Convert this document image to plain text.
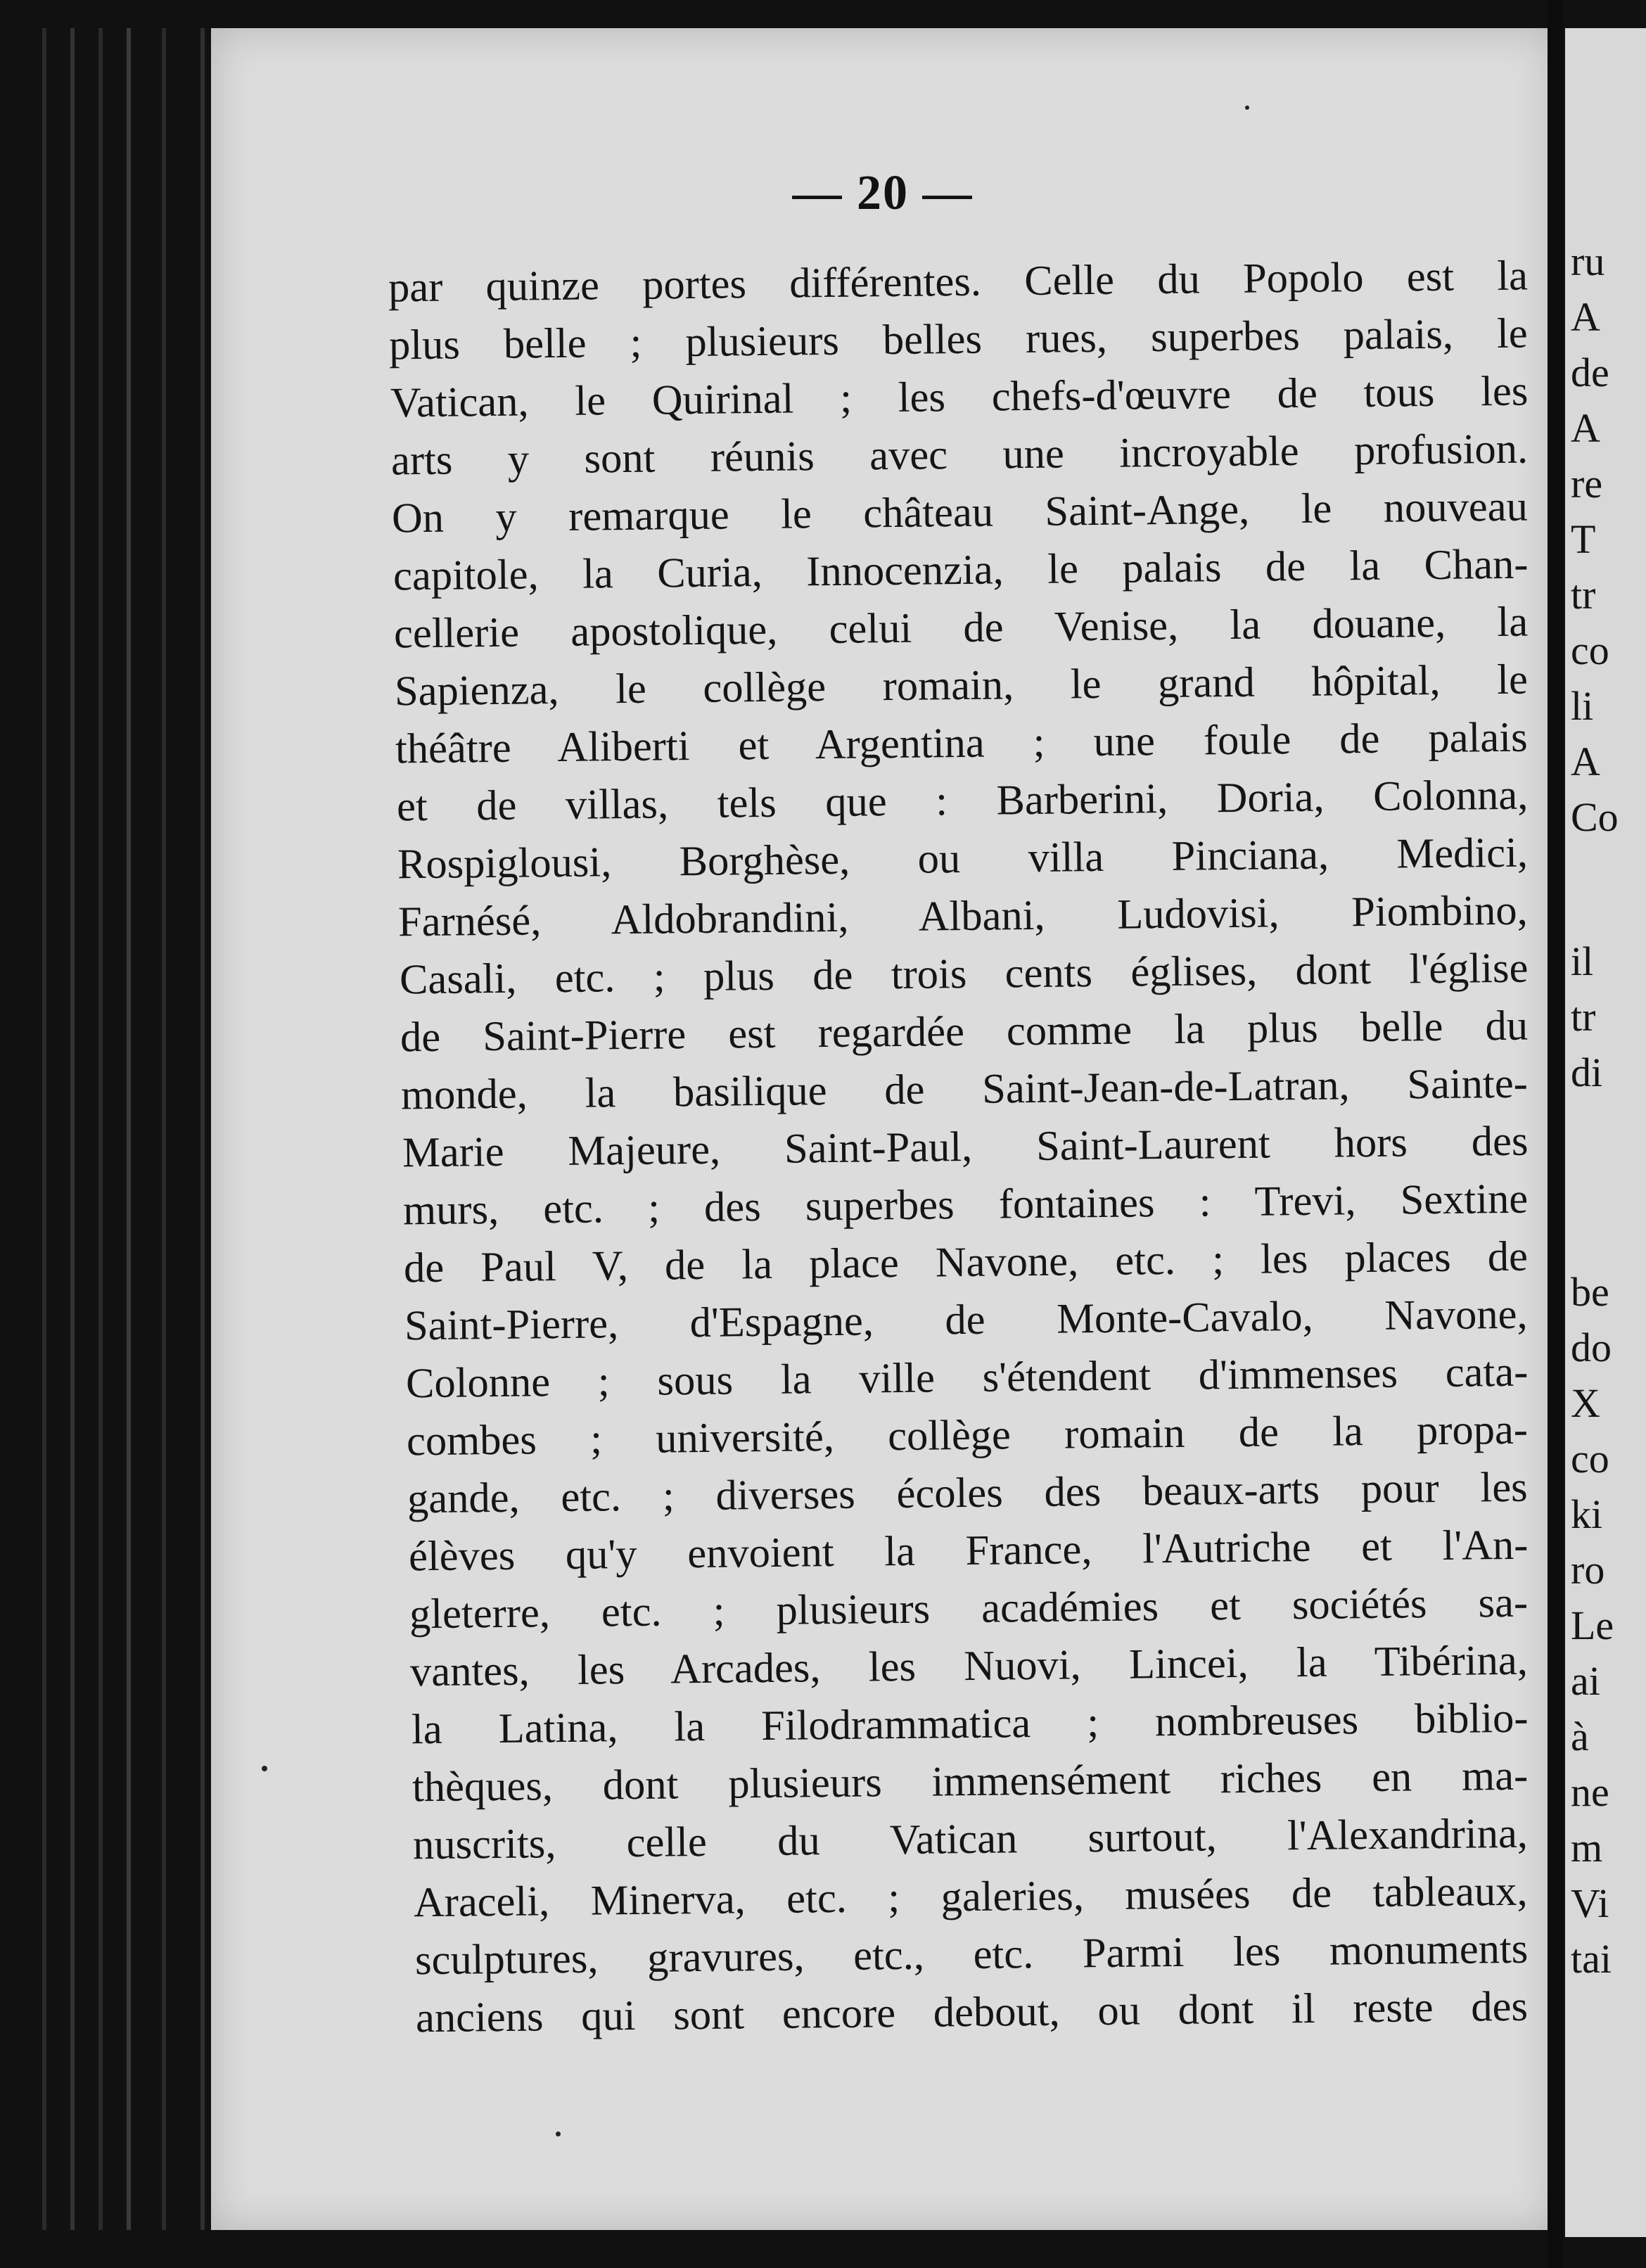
— 20 —
par quinze portes différentes. Celle du Popolo est la
plus belle ; plusieurs belles rues, superbes palais, le
Vatican, le Quirinal ; les chefs-d'œuvre de tous les
arts y sont réunis avec une incroyable profusion.
On y remarque le château Saint-Ange, le nouveau
capitole, la Curia, Innocenzia, le palais de la Chan-
cellerie apostolique, celui de Venise, la douane, la
Sapienza, le collège romain, le grand hôpital, le
théâtre Aliberti et Argentina ; une foule de palais
et de villas, tels que : Barberini, Doria, Colonna,
Rospiglousi, Borghèse, ou villa Pinciana, Medici,
Farnésé, Aldobrandini, Albani, Ludovisi, Piombino,
Casali, etc. ; plus de trois cents églises, dont l'église
de Saint-Pierre est regardée comme la plus belle du
monde, la basilique de Saint-Jean-de-Latran, Sainte-
Marie Majeure, Saint-Paul, Saint-Laurent hors des
murs, etc. ; des superbes fontaines : Trevi, Sextine
de Paul V, de la place Navone, etc. ; les places de
Saint-Pierre, d'Espagne, de Monte-Cavalo, Navone,
Colonne ; sous la ville s'étendent d'immenses cata-
combes ; université, collège romain de la propa-
gande, etc. ; diverses écoles des beaux-arts pour les
élèves qu'y envoient la France, l'Autriche et l'An-
gleterre, etc. ; plusieurs académies et sociétés sa-
vantes, les Arcades, les Nuovi, Lincei, la Tibérina,
la Latina, la Filodrammatica ; nombreuses biblio-
thèques, dont plusieurs immensément riches en ma-
nuscrits, celle du Vatican surtout, l'Alexandrina,
Araceli, Minerva, etc. ; galeries, musées de tableaux,
sculptures, gravures, etc., etc. Parmi les monuments
anciens qui sont encore debout, ou dont il reste des
ru
A
de
A
re
T
tr
co
li
A
Co
il
tr
di
be
do
X
co
ki
ro
Le
ai
à
ne
m
Vi
tai
